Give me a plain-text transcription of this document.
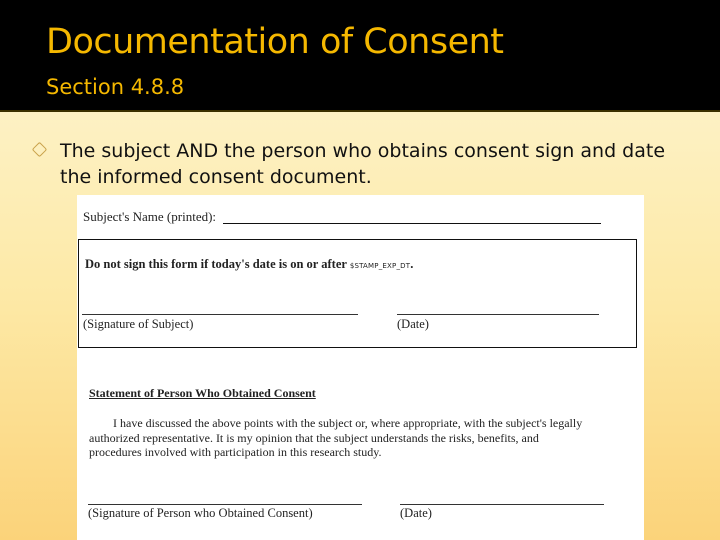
Documentation of Consent
Section 4.8.8
The subject AND the person who obtains consent sign and date the informed consent document.
Subject's Name (printed):
Do not sign this form if today's date is on or after $STAMP_EXP_DT.
(Signature of Subject)	(Date)
Statement of Person Who Obtained Consent
I have discussed the above points with the subject or, where appropriate, with the subject's legally
authorized representative. It is my opinion that the subject understands the risks, benefits, and
procedures involved with participation in this research study.
(Signature of Person who Obtained Consent)	(Date)
